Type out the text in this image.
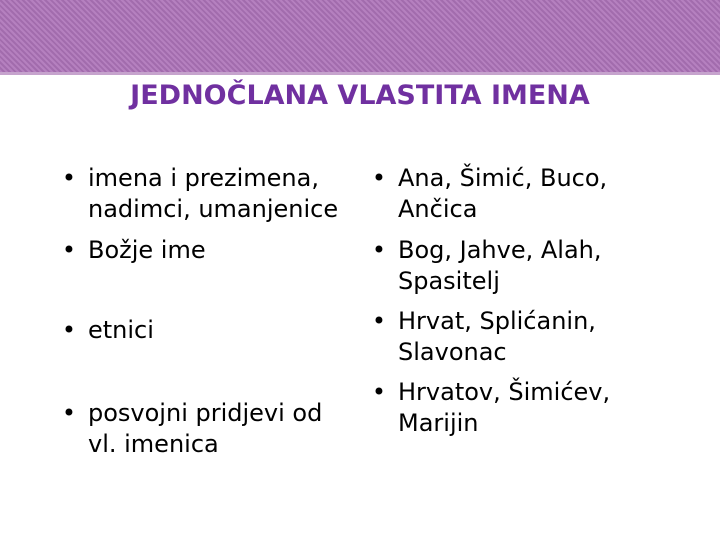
JEDNOČLANA VLASTITA IMENA
• imena i prezimena,
nadimci, umanjenice
• Božje ime
• etnici
• posvojni pridjevi od
vl. imenica
• Ana, Šimić, Buco,
Ančica
• Bog, Jahve, Alah,
Spasitelj
• Hrvat, Splićanin,
Slavonac
• Hrvatov, Šimićev,
Marijin
